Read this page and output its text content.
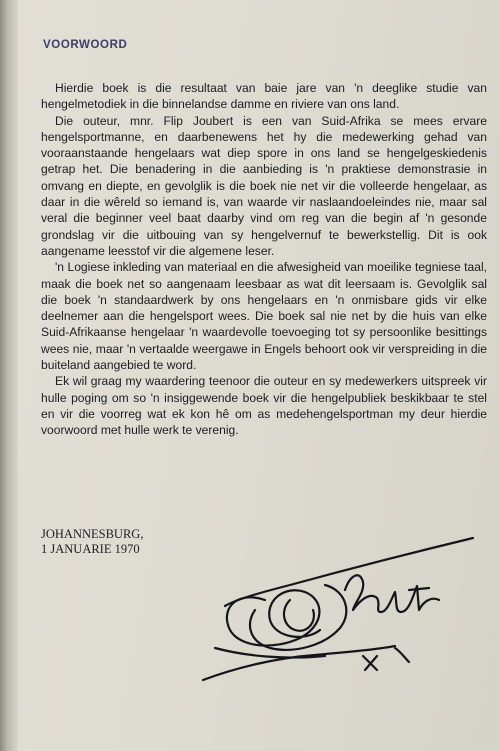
VOORWOORD

Hierdie boek is die resultaat van baie jare van 'n deeglike studie van hengelmetodiek in die binnelandse damme en riviere van ons land.

Die outeur, mnr. Flip Joubert is een van Suid-Afrika se mees ervare hengelsportmanne, en daarbenewens het hy die medewerking gehad van vooraanstaande hengelaars wat diep spore in ons land se hengelgeskiedenis getrap het. Die benadering in die aanbieding is 'n praktiese demonstrasie in omvang en diepte, en gevolglik is die boek nie net vir die volleerde hengelaar, as daar in die wêreld so iemand is, van waarde vir naslaandoeleindes nie, maar sal veral die beginner veel baat daarby vind om reg van die begin af 'n gesonde grondslag vir die uitbouing van sy hengelvernuf te bewerkstellig. Dit is ook aangename leesstof vir die algemene leser.

'n Logiese inkleding van materiaal en die afwesigheid van moeilike tegniese taal, maak die boek net so aangenaam leesbaar as wat dit leersaam is. Gevolglik sal die boek 'n standaardwerk by ons hengelaars en 'n onmisbare gids vir elke deelnemer aan die hengelsport wees. Die boek sal nie net by die huis van elke Suid-Afrikaanse hengelaar 'n waardevolle toevoeging tot sy persoonlike besittings wees nie, maar 'n vertaalde weergawe in Engels behoort ook vir verspreiding in die buiteland aangebied te word.

Ek wil graag my waardering teenoor die outeur en sy medewerkers uitspreek vir hulle poging om so 'n insiggewende boek vir die hengelpubliek beskikbaar te stel en vir die voorreg wat ek kon hê om as medehengelsportman my deur hierdie voorwoord met hulle werk te verenig.

JOHANNESBURG,
1 JANUARIE 1970
